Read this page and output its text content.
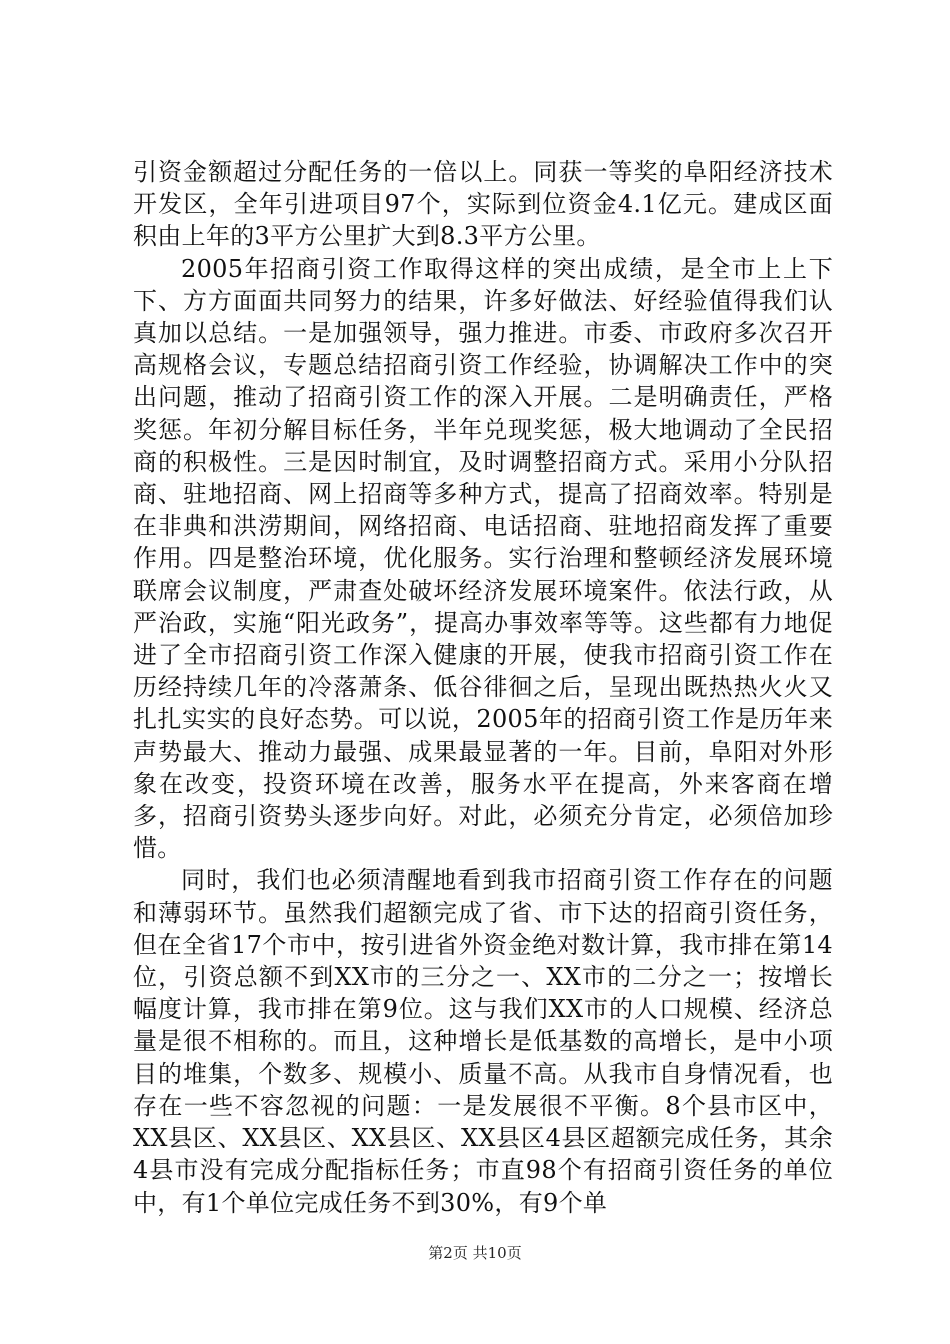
引资金额超过分配任务的一倍以上。同获一等奖的阜阳经济技术开发区，全年引进项目97个，实际到位资金4.1亿元。建成区面积由上年的3平方公里扩大到8.3平方公里。

2005年招商引资工作取得这样的突出成绩，是全市上上下下、方方面面共同努力的结果，许多好做法、好经验值得我们认真加以总结。一是加强领导，强力推进。市委、市政府多次召开高规格会议，专题总结招商引资工作经验，协调解决工作中的突出问题，推动了招商引资工作的深入开展。二是明确责任，严格奖惩。年初分解目标任务，半年兑现奖惩，极大地调动了全民招商的积极性。三是因时制宜，及时调整招商方式。采用小分队招商、驻地招商、网上招商等多种方式，提高了招商效率。特别是在非典和洪涝期间，网络招商、电话招商、驻地招商发挥了重要作用。四是整治环境，优化服务。实行治理和整顿经济发展环境联席会议制度，严肃查处破坏经济发展环境案件。依法行政，从严治政，实施“阳光政务”，提高办事效率等等。这些都有力地促进了全市招商引资工作深入健康的开展，使我市招商引资工作在历经持续几年的冷落萧条、低谷徘徊之后，呈现出既热热火火又扎扎实实的良好态势。可以说，2005年的招商引资工作是历年来声势最大、推动力最强、成果最显著的一年。目前，阜阳对外形象在改变，投资环境在改善，服务水平在提高，外来客商在增多，招商引资势头逐步向好。对此，必须充分肯定，必须倍加珍惜。

同时，我们也必须清醒地看到我市招商引资工作存在的问题和薄弱环节。虽然我们超额完成了省、市下达的招商引资任务，但在全省17个市中，按引进省外资金绝对数计算，我市排在第14位，引资总额不到XX市的三分之一、XX市的二分之一；按增长幅度计算，我市排在第9位。这与我们XX市的人口规模、经济总量是很不相称的。而且，这种增长是低基数的高增长，是中小项目的堆集，个数多、规模小、质量不高。从我市自身情况看，也存在一些不容忽视的问题：一是发展很不平衡。8个县市区中，XX县区、XX县区、XX县区、XX县区4县区超额完成任务，其余4县市没有完成分配指标任务；市直98个有招商引资任务的单位中，有1个单位完成任务不到30%，有9个单

第2页 共10页
